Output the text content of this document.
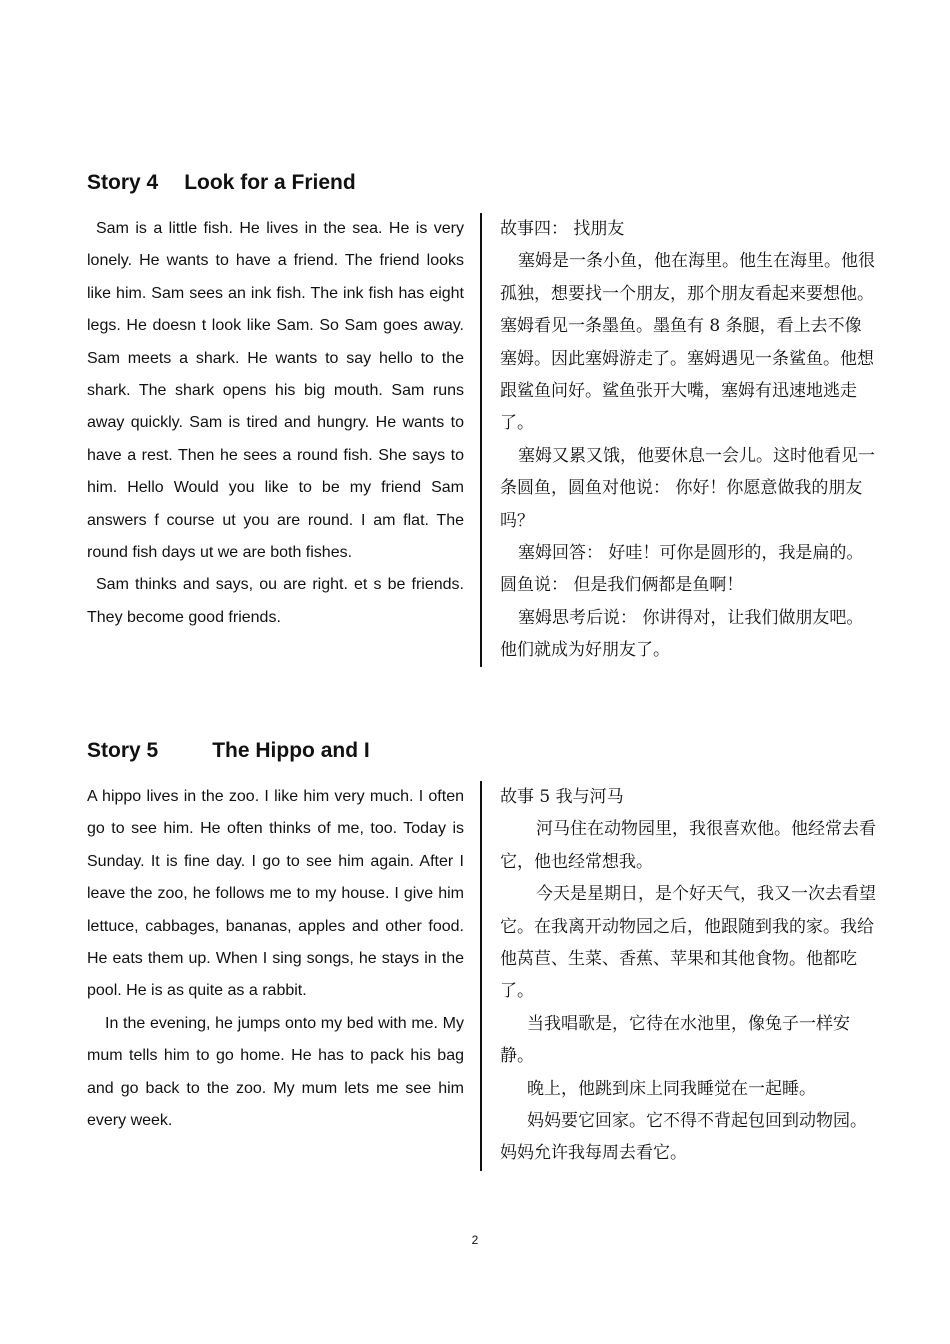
Story 4 Look for a Friend

Sam is a little fish. He lives in the sea. He is very lonely. He wants to have a friend. The friend looks like him. Sam sees an ink fish. The ink fish has eight legs. He doesn t look like Sam. So Sam goes away. Sam meets a shark. He wants to say hello to the shark. The shark opens his big mouth. Sam runs away quickly. Sam is tired and hungry. He wants to have a rest. Then he sees a round fish. She says to him. Hello Would you like to be my friend Sam answers f course ut you are round. I am flat. The round fish days ut we are both fishes.

Sam thinks and says, ou are right. et s be friends. They become good friends.

故事四： 找朋友

塞姆是一条小鱼，他在海里。他生在海里。他很孤独，想要找一个朋友，那个朋友看起来要想他。 塞姆看见一条墨鱼。墨鱼有 8 条腿，看上去不像塞姆。因此塞姆游走了。塞姆遇见一条鲨鱼。他想跟鲨鱼问好。鲨鱼张开大嘴，塞姆有迅速地逃走了。

塞姆又累又饿，他要休息一会儿。这时他看见一条圆鱼，圆鱼对他说： 你好！你愿意做我的朋友吗？

塞姆回答： 好哇！可你是圆形的，我是扁的。 圆鱼说： 但是我们俩都是鱼啊！

塞姆思考后说： 你讲得对，让我们做朋友吧。 他们就成为好朋友了。

Story 5	The Hippo and I

A hippo lives in the zoo. I like him very much. I often go to see him. He often thinks of me, too. Today is Sunday. It is fine day. I go to see him again. After I leave the zoo, he follows me to my house. I give him lettuce, cabbages, bananas, apples and other food. He eats them up. When I sing songs, he stays in the pool. He is as quite as a rabbit.

In the evening, he jumps onto my bed with me. My mum tells him to go home. He has to pack his bag and go back to the zoo. My mum lets me see him every week.

故事 5 我与河马

河马住在动物园里，我很喜欢他。他经常去看它，他也经常想我。

今天是星期日，是个好天气，我又一次去看望它。在我离开动物园之后，他跟随到我的家。我给他莴苣、生菜、香蕉、苹果和其他食物。他都吃了。

当我唱歌是，它待在水池里，像兔子一样安静。

晚上，他跳到床上同我睡觉在一起睡。

妈妈要它回家。它不得不背起包回到动物园。妈妈允许我每周去看它。

2
